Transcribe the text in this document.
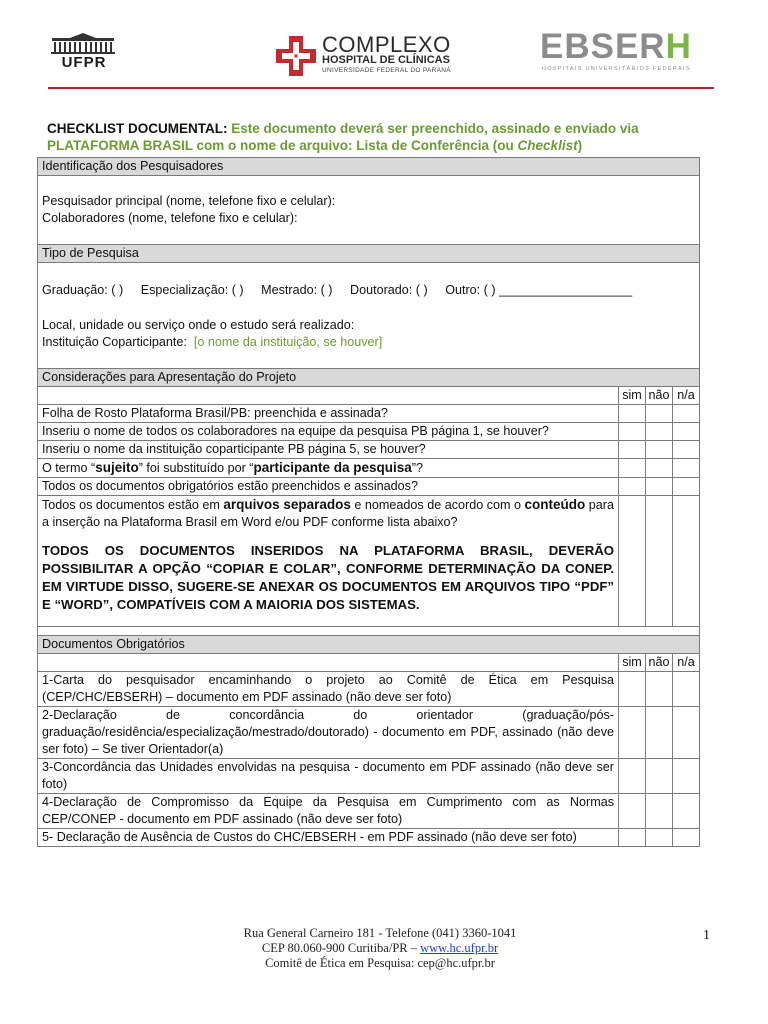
UFPR
COMPLEXO
HOSPITAL DE CLÍNICAS
UNIVERSIDADE FEDERAL DO PARANÁ
EBSERH
HOSPITAIS UNIVERSITÁRIOS FEDERAIS
CHECKLIST DOCUMENTAL: Este documento deverá ser preenchido, assinado e enviado via PLATAFORMA BRASIL com o nome de arquivo: Lista de Conferência (ou Checklist)
Identificação dos Pesquisadores			

Pesquisador principal (nome, telefone fixo e celular):
Colaboradores (nome, telefone fixo e celular):			

Tipo de Pesquisa			

Graduação: ( ) Especialização: ( ) Mestrado: ( ) Doutorado: ( ) Outro: ( ) ___________________
Local, unidade ou serviço onde o estudo será realizado:
Instituição Coparticipante: [o nome da instituição, se houver]			

Considerações para Apresentação do Projeto			
	sim	não	n/a
Folha de Rosto Plataforma Brasil/PB: preenchida e assinada?			
Inseriu o nome de todos os colaboradores na equipe da pesquisa PB página 1, se houver?			
Inseriu o nome da instituição coparticipante PB página 5, se houver?			
O termo “sujeito” foi substituído por “participante da pesquisa”?			
Todos os documentos obrigatórios estão preenchidos e assinados?			

Todos os documentos estão em arquivos separados e nomeados de acordo com o conteúdo para a inserção na Plataforma Brasil em Word e/ou PDF conforme lista abaixo?
TODOS OS DOCUMENTOS INSERIDOS NA PLATAFORMA BRASIL, DEVERÃO POSSIBILITAR A OPÇÃO “COPIAR E COLAR”, CONFORME DETERMINAÇÃO DA CONEP. EM VIRTUDE DISSO, SUGERE-SE ANEXAR OS DOCUMENTOS EM ARQUIVOS TIPO “PDF” E “WORD”, COMPATÍVEIS COM A MAIORIA DOS SISTEMAS.			

Documentos Obrigatórios			
	sim	não	n/a
1-Carta do pesquisador encaminhando o projeto ao Comitê de Ética em Pesquisa (CEP/CHC/EBSERH) – documento em PDF assinado (não deve ser foto)			
2-Declaração de concordância do orientador (graduação/pós-graduação/residência/especialização/mestrado/doutorado) - documento em PDF, assinado (não deve ser foto) – Se tiver Orientador(a)			
3-Concordância das Unidades envolvidas na pesquisa - documento em PDF assinado (não deve ser foto)			
4-Declaração de Compromisso da Equipe da Pesquisa em Cumprimento com as Normas CEP/CONEP - documento em PDF assinado (não deve ser foto)			
5- Declaração de Ausência de Custos do CHC/EBSERH - em PDF assinado (não deve ser foto)			
Rua General Carneiro 181 - Telefone (041) 3360-1041
CEP 80.060-900 Curitiba/PR – www.hc.ufpr.br
Comitê de Ética em Pesquisa: cep@hc.ufpr.br
1
